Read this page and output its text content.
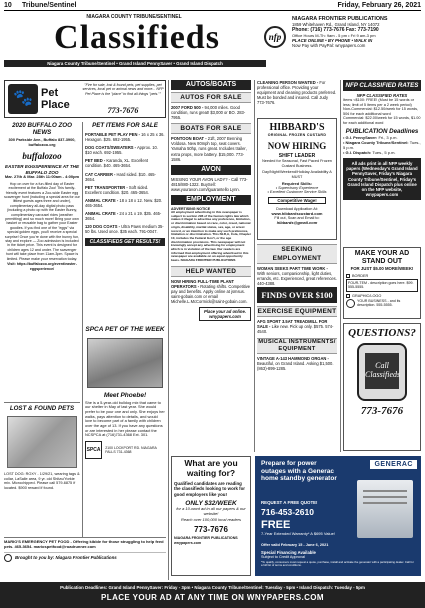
10 Tribune/Sentinel	Friday, February 26, 2021
NIAGARA COUNTY TRIBUNE/SENTINEL
Classifieds
Niagara County Tribune/Sentinel • Grand Island PennySaver • Grand Island Dispatch
nfp
NIAGARA FRONTIER PUBLICATIONS
1859 Whitehaven Rd., Grand Island, NY 14072
Phone: (716) 773-7676 Fax: 773-7190
Office Hours M-Th: 9am - 5 pm • Fri 9 am-3 pm
PLACE ONLINE • BY PHONE • WALK IN
Now Pay with PayPal: wnypapers.com
🐾 Pet Place
"Fire for sale, lost & found pets, pet supplies, pet services, local pet or animal news and more... NFP Pet Place is the "place" to find all things "pets.""
773-7676
2020 BUFFALO ZOO NEWS
300 Parkside Ave., Buffalo 837-3900, buffalozoo.org
buffalozoo
EASTER EGGSPERIENCE AT THE BUFFALO ZOO
Mar. 27th & Mar. 28th 11:00am - 4:00pm
Hop on over for a fun-filled day of Easter excitement at the Buffalo Zoo! This family-friendly event features a Zoo-wide Easter egg scavenger hunt (including a special area for our littlest guests ages three and under), complimentary all-day digital photo pass (including a photo op with the Easter Bunny, complimentary carousel rides (weather permitting) and so much more! Bring your own basket or reusable bag to gather your Easter goodies. If you find one of the "eggs" via special golden eggs, you'll receive a special surprise! Once you're done with the bunny fun, stay and explore — Zoo admission is included in the ticket price. This event is designed for children ages 12 and under. The scavenger hunt will take place from 11am-3pm. Space is limited. Please make your reservation today.
Visit: https://buffalozoo.org/event/easter-eggsperience/
LOST & FOUND PETS
LOST DOG: ROXY - 1/29/21, wearing tags & collar, LaSalle area, 9 yr. old Shitzu/Yorkie mix. Microchipped. Please call 579-6875 if located. $900 reward if found.
PET ITEMS FOR SALE
PORTABLE PET PLAY PEN - 16 x 25 x 36. Hexagon. $25. 692-1955.
DOG COATS/SWEATERS - Approx. 10. $10 each. 692-1955.
PET BED - Karanda, XL. Excellent condition. $40. 465-3654.
CAT CARRIER - Hard sided. $10. 465-3654.
PET TRANSPORTER - Soft sided. Excellent condition. $20. 465-3654.
ANIMAL CRATE - 18 x 18 x 12. New. $20. 465-3654.
ANIMAL CRATE - 24 x 21 x 19. $35. 465-3654.
120 DOG COATS - Ultra Paws medium 35-50 lbs. Used once. $35 each. 791-0047.
CLASSIFIEDS GET RESULTS!
SPCA PET OF THE WEEK
Meet Phoebe!
She is a 5-year-old bulldog mix that came to our shelter in May of last year. She would prefer to be your one and only. She enjoys her walks, pays attention to details, and would love to become part of a family with children over the age of 13. If you have any questions or are interested in her please contact the NCSPCA at (716)731-4368 Ext. 301.
SPCA	2100 LOCKPORT RD. NIAGARA FALLS 731-4368
MARIO'S EMERGENCY PET FOOD - Offering kibble for those struggling to help feed pets. 465-3654. mariospetfood@roadrunner.com
Brought to you by: Niagara Frontier Publications
AUTOS/BOATS
AUTOS FOR SALE
2007 FORD 500 - 94,000 miles. Good condition, runs great! $3,000 or BO. 283-7955.
BOATS FOR SALE
PONTOON BOAT - 21ft, 2007 Benning Voldosa. New 80mph top, seat covers. Yamaha 50hp, runs great. Includes trailer, extra props, more battery. $15,000. 773-1586.
AVON
MISSING YOUR AVON LADY? - Call 773-4815/880-1322. BuySell: www.youravon.com/lguarantello Lynn.
EMPLOYMENT
ADVERTISING NOTICE
All employment advertising in this newspaper is subject to section 296 of the human rights law which makes it illegal to advertise any preference, limitation, or discrimination based on race, color, creed, national origin, disability, marital status, sex, age, or arrest record, or an intention to make any such preference, limitation or discrimination. This NLR,A, Cola, Chapter 10, includes the Federal Gov't, or the age discrimination provisions. This newspaper will not knowingly accept any advertising for employment which is in violation of the law. Our readers are informed that employment offering advertised in this newspaper are available on an equal opportunity basis. NIAGARA FRONTIER PUBLICATIONS
HELP WANTED
NOW HIRING FULL-TIME PLANT OPERATORS - Rotating shifts. Competitive pay and benefits. Apply online at jsmsus. saint-gobain.com or email Michelle.L.McCormick@saint-gobain.com.
Place your ad online. wnypapers.com
CLEANING PERSON WANTED - For professional office. Providing your equipment and cleaning products preferred. Must be bonded and insured. Call Judy 773-7676.
HIBBARD'S
ORIGINAL FROZEN CUSTARD
NOW HIRING
SHIFT LEADER
Needed for Seasonal, Fast Paced Frozen Custard Business.
Day/Night/Weekend/Holiday Availability A MUST
Required Skills:
• Supervisory Experience
• Excellent Customer Service Skills
Competitive Wage!
Download Application At:
www.hibbardscustard.com
Fill out, Scan and Email to:
hibbards@gmail.com
SEEKING EMPLOYMENT
WOMAN SEEKS PART TIME WORK - With seniors, companionship, light duties, errands, etc. Experienced, great references. 440-4388.
FINDS OVER $100
EXERCISE EQUIPMENT
AFG SPORT 3.5AT TREADMILL FOR SALE - Like new. Pick up only. $575. 574-4540.
MUSICAL INSTRUMENTS/ EQUIPMENT
VINTAGE A-143 HAMMOND ORGAN - Beautiful, on Grand Island. Asking $1,500. (863)-899-1285.
NFP CLASSIFIED RATES
NFP CLASSIFIED RATES
Items <$100: FREE! (Must be 15 words or less; limit of 5 items per a 2 week period)
Non-Commercial: $12.50/week for 15 words, 50¢ for each additional word
Commercial: $22.00/week for 15 words, $1.00 for each additional word
PUBLICATION Deadlines
• G.I. PennySaver: Fri., 3 p.m.
• Niagara County Tribune/Sentinel: Tues., 5 p.m.
• G.I. Dispatch: Tues., 5 p.m.
All ads print in all NFP weekly papers (Wednesday's Grand Island PennySaver, Friday's Niagara County Tribune/Sentinel, Friday's Grand Island Dispatch plus online on the NFP website, wnypapers.com
MAKE YOUR AD STAND OUT
FOR JUST $5.00 MORE/WEEK!
BORDER
FOUR-TEM - description goes here. $99. 555-5555.
GRAPHIC/LOGO
YOUR BUSINESS - and its description. 555-5555.
QUESTIONS?
Call Classifieds
773-7676
What are you waiting for?
Qualified candidates are reading the classifieds looking to work for good employers like you!
ONLY $32/WEEK
for a 10-word ad in all our papers & our website!
Reach over 100,000 local readers
773-7676
NIAGARA FRONTIER PUBLICATIONS wnypapers.com
Prepare for power outages with a Generac home standby generator
REQUEST A FREE QUOTE!
716-453-2610
FREE
7-Year Extended Warranty* A $695 Value!
Offer valid February 15 - June 6, 2021
Special Financing Available
Subject to Credit Approval
*To qualify, consumers must request a quote, purchase, install and activate the generator with a participating dealer. Call for a full list of terms and conditions.
GENERAC
Publication Deadlines: Grand Island PennySaver: Friday - 3pm • Niagara County Tribune/Sentinel: Tuesday - 5pm • Island Dispatch: Tuesday - 5pm
PLACE YOUR AD AT ANY TIME ON WNYPAPERS.COM
